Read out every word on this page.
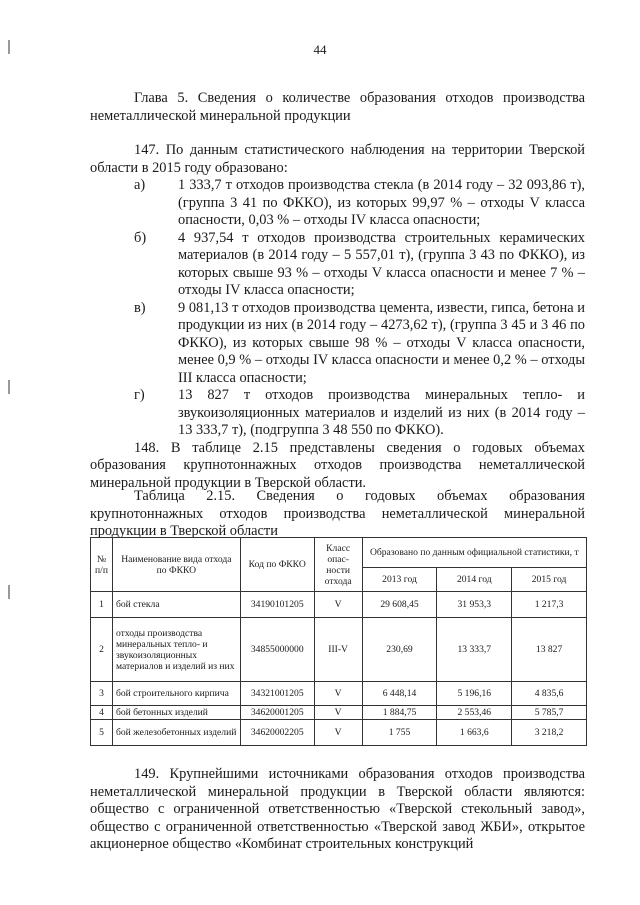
44

Глава 5. Сведения о количестве образования отходов производства неметаллической минеральной продукции

147. По данным статистического наблюдения на территории Тверской области в 2015 году образовано:

а)	1 333,7 т отходов производства стекла (в 2014 году – 32 093,86 т), (группа 3 41 по ФККО), из которых 99,97 % – отходы V класса опасности, 0,03 % – отходы IV класса опасности;
б)	4 937,54 т отходов производства строительных керамических материалов (в 2014 году – 5 557,01 т), (группа 3 43 по ФККО), из которых свыше 93 % – отходы V класса опасности и менее 7 % – отходы IV класса опасности;
в)	9 081,13 т отходов производства цемента, извести, гипса, бетона и продукции из них (в 2014 году – 4273,62 т), (группа 3 45 и 3 46 по ФККО), из которых свыше 98 % – отходы V класса опасности, менее 0,9 % – отходы IV класса опасности и менее 0,2 % – отходы III класса опасности;
г)	13 827 т отходов производства минеральных тепло- и звукоизоляционных материалов и изделий из них (в 2014 году – 13 333,7 т), (подгруппа 3 48 550 по ФККО).

148. В таблице 2.15 представлены сведения о годовых объемах образования крупнотоннажных отходов производства неметаллической минеральной продукции в Тверской области.

Таблица 2.15. Сведения о годовых объемах образования крупнотоннажных отходов производства неметаллической минеральной продукции в Тверской области

№ п/п	Наименование вида отхода по ФККО	Код по ФККО	Класс опас-ности отхода	Образовано по данным официальной статистики, т		
				2013 год	2014 год	2015 год
1	бой стекла	34190101205	V	29 608,45	31 953,3	1 217,3
2	отходы производства минеральных тепло- и звукоизоляционных материалов и изделий из них	34855000000	III-V	230,69	13 333,7	13 827
3	бой строительного кирпича	34321001205	V	6 448,14	5 196,16	4 835,6
4	бой бетонных изделий	34620001205	V	1 884,75	2 553,46	5 785,7
5	бой железобетонных изделий	34620002205	V	1 755	1 663,6	3 218,2

149. Крупнейшими источниками образования отходов производства неметаллической минеральной продукции в Тверской области являются: общество с ограниченной ответственностью «Тверской стекольный завод», общество с ограниченной ответственностью «Тверской завод ЖБИ», открытое акционерное общество «Комбинат строительных конструкций
